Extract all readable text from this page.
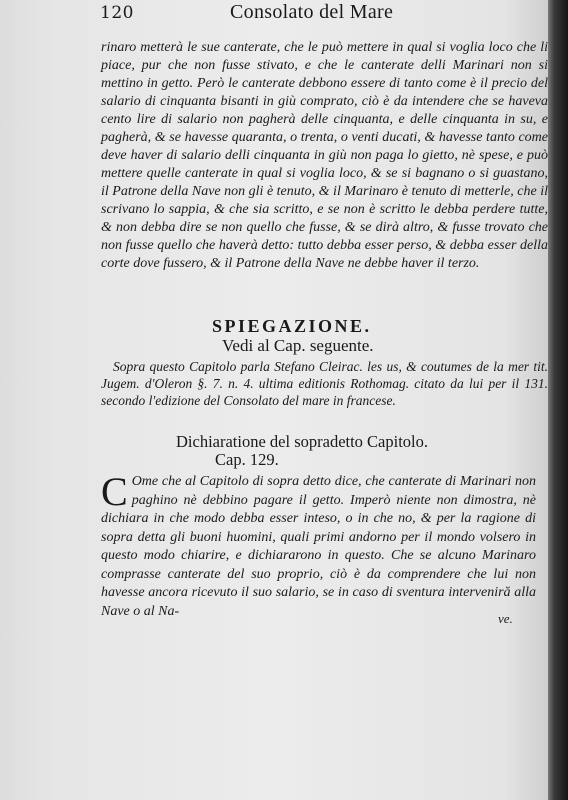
120	Consolato del Mare

rinaro metterà le sue canterate, che le può mettere in qual si voglia loco che li piace, pur che non fusse stivato, e che le canterate delli Marinari non si mettino in getto. Però le canterate debbono essere di tanto come è il precio del salario di cinquanta bisanti in giù comprato, ciò è da intendere che se haveva cento lire di salario non pagherà delle cinquanta, e delle cinquanta in su, e pagherà, & se havesse quaranta, o trenta, o venti ducati, & havesse tanto come deve haver di salario delli cinquanta in giù non paga lo gietto, nè spese, e può mettere quelle canterate in qual si voglia loco, & se si bagnano o si guastano, il Patrone della Nave non gli è tenuto, & il Marinaro è tenuto di metterle, che il scrivano lo sappia, & che sia scritto, e se non è scritto le debba perdere tutte, & non debba dire se non quello che fusse, & se dirà altro, & fusse trovato che non fusse quello che haverà detto: tutto debba esser perso, & debba esser della corte dove fussero, & il Patrone della Nave ne debbe haver il terzo.

SPIEGAZIONE.
Vedi al Cap. seguente.

Sopra questo Capitolo parla Stefano Cleirac. les us, & coutumes de la mer tit. Jugem. d'Oleron §. 7. n. 4. ultima editionis Rothomag. citato da lui per il 131. secondo l'edizione del Consolato del mare in francese.

Dichiaratione del sopradetto Capitolo.
Cap. 129.

C Ome che al Capitolo di sopra detto dice, che canterate di Marinari non paghino nè debbino pagare il getto. Imperò niente non dimostra, nè dichiara in che modo debba esser inteso, o in che no, & per la ragione di sopra detta gli buoni huomini, quali primi andorno per il mondo volsero in questo modo chiarire, e dichiararono in questo. Che se alcuno Marinaro comprasse canterate del suo proprio, ciò è da comprendere che lui non havesse ancora ricevuto il suo salario, se in caso di sventura interveniră alla Nave o al Na-	ve.
